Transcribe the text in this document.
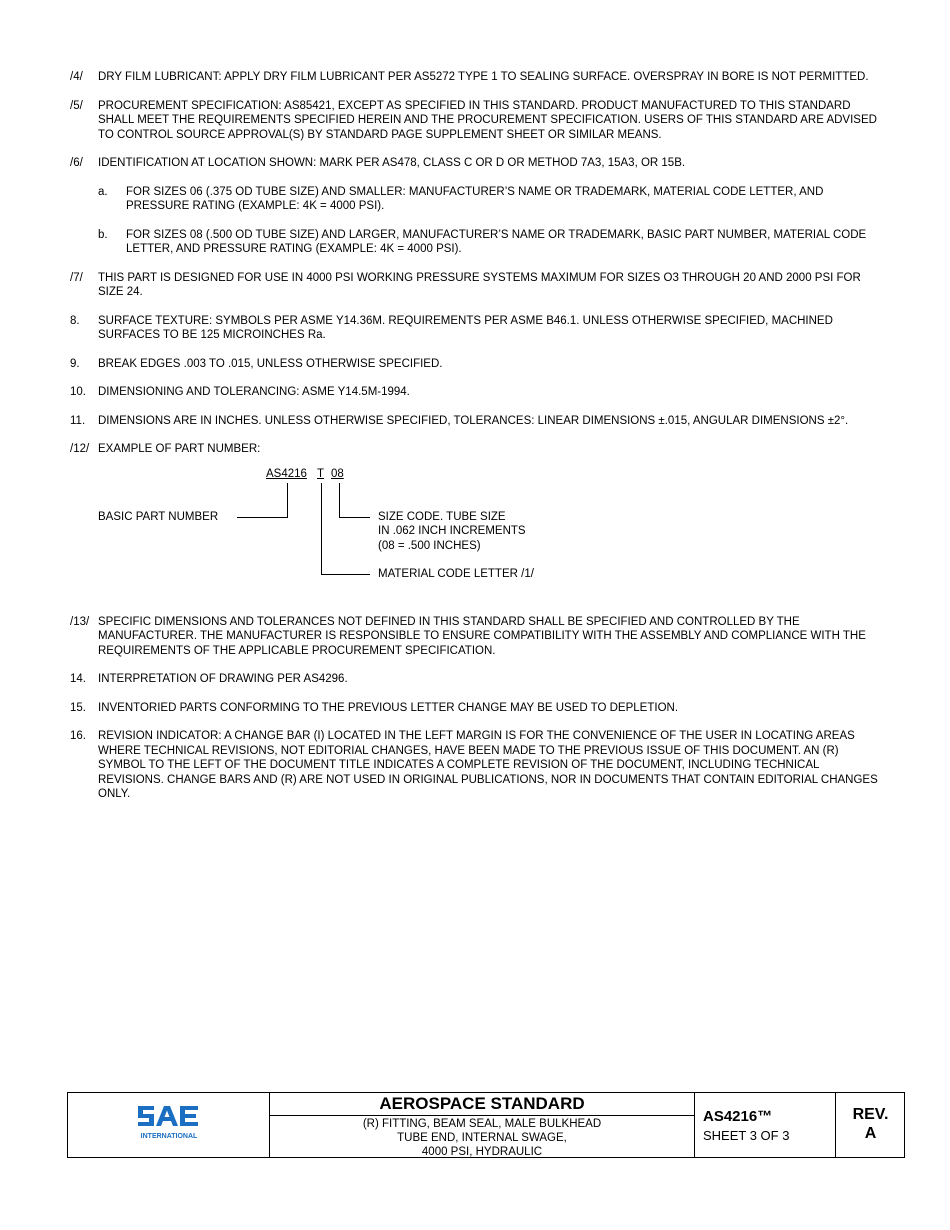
/4/ DRY FILM LUBRICANT: APPLY DRY FILM LUBRICANT PER AS5272 TYPE 1 TO SEALING SURFACE. OVERSPRAY IN BORE IS NOT PERMITTED.
/5/ PROCUREMENT SPECIFICATION: AS85421, EXCEPT AS SPECIFIED IN THIS STANDARD. PRODUCT MANUFACTURED TO THIS STANDARD SHALL MEET THE REQUIREMENTS SPECIFIED HEREIN AND THE PROCUREMENT SPECIFICATION. USERS OF THIS STANDARD ARE ADVISED TO CONTROL SOURCE APPROVAL(S) BY STANDARD PAGE SUPPLEMENT SHEET OR SIMILAR MEANS.
/6/ IDENTIFICATION AT LOCATION SHOWN: MARK PER AS478, CLASS C OR D OR METHOD 7A3, 15A3, OR 15B.
a. FOR SIZES 06 (.375 OD TUBE SIZE) AND SMALLER: MANUFACTURER’S NAME OR TRADEMARK, MATERIAL CODE LETTER, AND PRESSURE RATING (EXAMPLE: 4K = 4000 PSI).
b. FOR SIZES 08 (.500 OD TUBE SIZE) AND LARGER, MANUFACTURER’S NAME OR TRADEMARK, BASIC PART NUMBER, MATERIAL CODE LETTER, AND PRESSURE RATING (EXAMPLE: 4K = 4000 PSI).
/7/ THIS PART IS DESIGNED FOR USE IN 4000 PSI WORKING PRESSURE SYSTEMS MAXIMUM FOR SIZES O3 THROUGH 20 AND 2000 PSI FOR SIZE 24.
8. SURFACE TEXTURE: SYMBOLS PER ASME Y14.36M. REQUIREMENTS PER ASME B46.1. UNLESS OTHERWISE SPECIFIED, MACHINED SURFACES TO BE 125 MICROINCHES Ra.
9. BREAK EDGES .003 TO .015, UNLESS OTHERWISE SPECIFIED.
10. DIMENSIONING AND TOLERANCING: ASME Y14.5M-1994.
11. DIMENSIONS ARE IN INCHES. UNLESS OTHERWISE SPECIFIED, TOLERANCES: LINEAR DIMENSIONS ±.015, ANGULAR DIMENSIONS ±2°.
/12/ EXAMPLE OF PART NUMBER:
AS4216 T 08
BASIC PART NUMBER
MATERIAL CODE LETTER /1/
SIZE CODE. TUBE SIZE
IN .062 INCH INCREMENTS
(08 = .500 INCHES)
/13/ SPECIFIC DIMENSIONS AND TOLERANCES NOT DEFINED IN THIS STANDARD SHALL BE SPECIFIED AND CONTROLLED BY THE MANUFACTURER. THE MANUFACTURER IS RESPONSIBLE TO ENSURE COMPATIBILITY WITH THE ASSEMBLY AND COMPLIANCE WITH THE REQUIREMENTS OF THE APPLICABLE PROCUREMENT SPECIFICATION.
14. INTERPRETATION OF DRAWING PER AS4296.
15. INVENTORIED PARTS CONFORMING TO THE PREVIOUS LETTER CHANGE MAY BE USED TO DEPLETION.
16. REVISION INDICATOR: A CHANGE BAR (I) LOCATED IN THE LEFT MARGIN IS FOR THE CONVENIENCE OF THE USER IN LOCATING AREAS WHERE TECHNICAL REVISIONS, NOT EDITORIAL CHANGES, HAVE BEEN MADE TO THE PREVIOUS ISSUE OF THIS DOCUMENT. AN (R) SYMBOL TO THE LEFT OF THE DOCUMENT TITLE INDICATES A COMPLETE REVISION OF THE DOCUMENT, INCLUDING TECHNICAL REVISIONS. CHANGE BARS AND (R) ARE NOT USED IN ORIGINAL PUBLICATIONS, NOR IN DOCUMENTS THAT CONTAIN EDITORIAL CHANGES ONLY.
INTERNATIONAL
AEROSPACE STANDARD
(R) FITTING, BEAM SEAL, MALE BULKHEAD
TUBE END, INTERNAL SWAGE,
4000 PSI, HYDRAULIC
AS4216™
SHEET 3 OF 3
REV.
A
